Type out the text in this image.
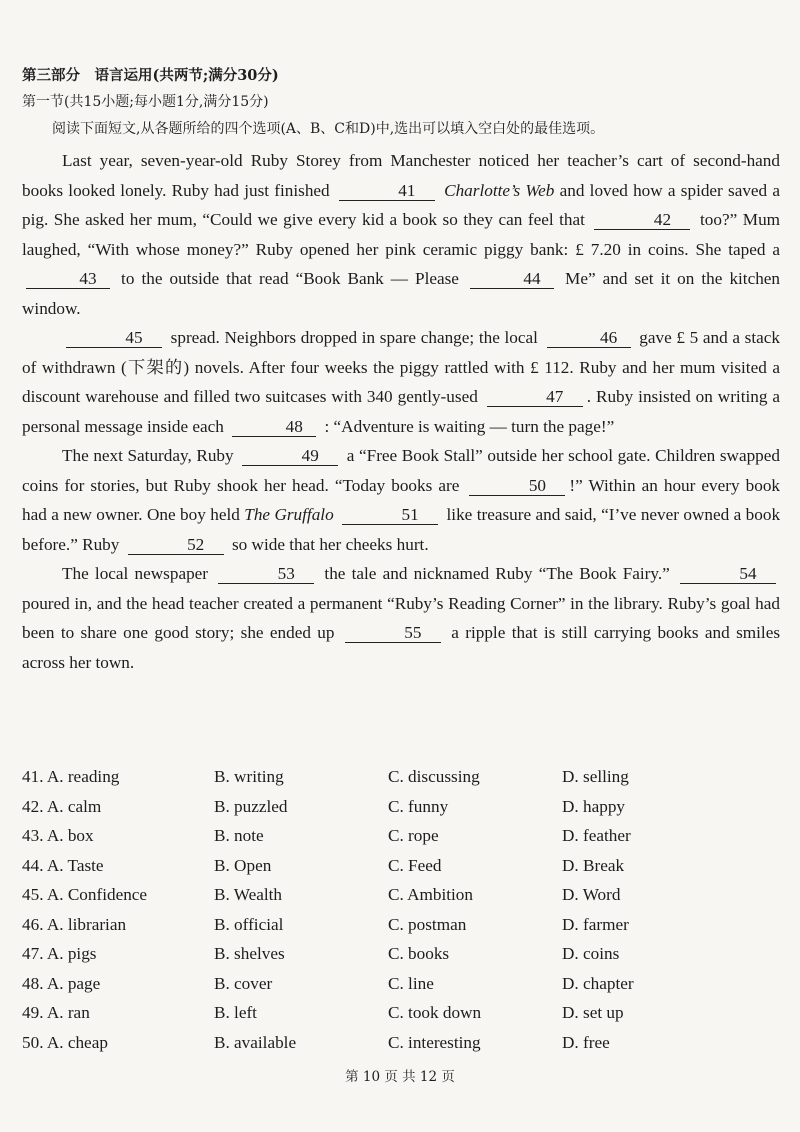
第三部分　语言运用(共两节;满分30分)
第一节(共15小题;每小题1分,满分15分)
阅读下面短文,从各题所给的四个选项(A、B、C和D)中,选出可以填入空白处的最佳选项。

Last year, seven-year-old Ruby Storey from Manchester noticed her teacher’s cart of second-hand books looked lonely. Ruby had just finished	41 Charlotte’s Web and loved how a spider saved a pig. She asked her mum, “Could we give every kid a book so they can feel that	42 too?” Mum laughed, “With whose money?” Ruby opened her pink ceramic piggy bank: £ 7.20 in coins. She taped a 43 to the outside that read “Book Bank — Please	44 Me” and set it on the kitchen window.

45 spread. Neighbors dropped in spare change; the local	46 gave £ 5 and a stack of withdrawn (下架的) novels. After four weeks the piggy rattled with £ 112. Ruby and her mum visited a discount warehouse and filled two suitcases with 340 gently-used	47 . Ruby insisted on writing a personal message inside each	48 : “Adventure is waiting — turn the page!”

The next Saturday, Ruby	49 a “Free Book Stall” outside her school gate. Children swapped coins for stories, but Ruby shook her head. “Today books are	50 !” Within an hour every book had a new owner. One boy held The Gruffalo	51 like treasure and said, “I’ve never owned a book before.” Ruby	52 so wide that her cheeks hurt.

The local newspaper	53 the tale and nicknamed Ruby “The Book Fairy.”	54 poured in, and the head teacher created a permanent “Ruby’s Reading Corner” in the library. Ruby’s goal had been to share one good story; she ended up	55 a ripple that is still carrying books and smiles across her town.

41. A. reading	B. writing	C. discussing	D. selling
42. A. calm	B. puzzled	C. funny	D. happy
43. A. box	B. note	C. rope	D. feather
44. A. Taste	B. Open	C. Feed	D. Break
45. A. Confidence	B. Wealth	C. Ambition	D. Word
46. A. librarian	B. official	C. postman	D. farmer
47. A. pigs	B. shelves	C. books	D. coins
48. A. page	B. cover	C. line	D. chapter
49. A. ran	B. left	C. took down	D. set up
50. A. cheap	B. available	C. interesting	D. free
第 10 页 共 12 页
